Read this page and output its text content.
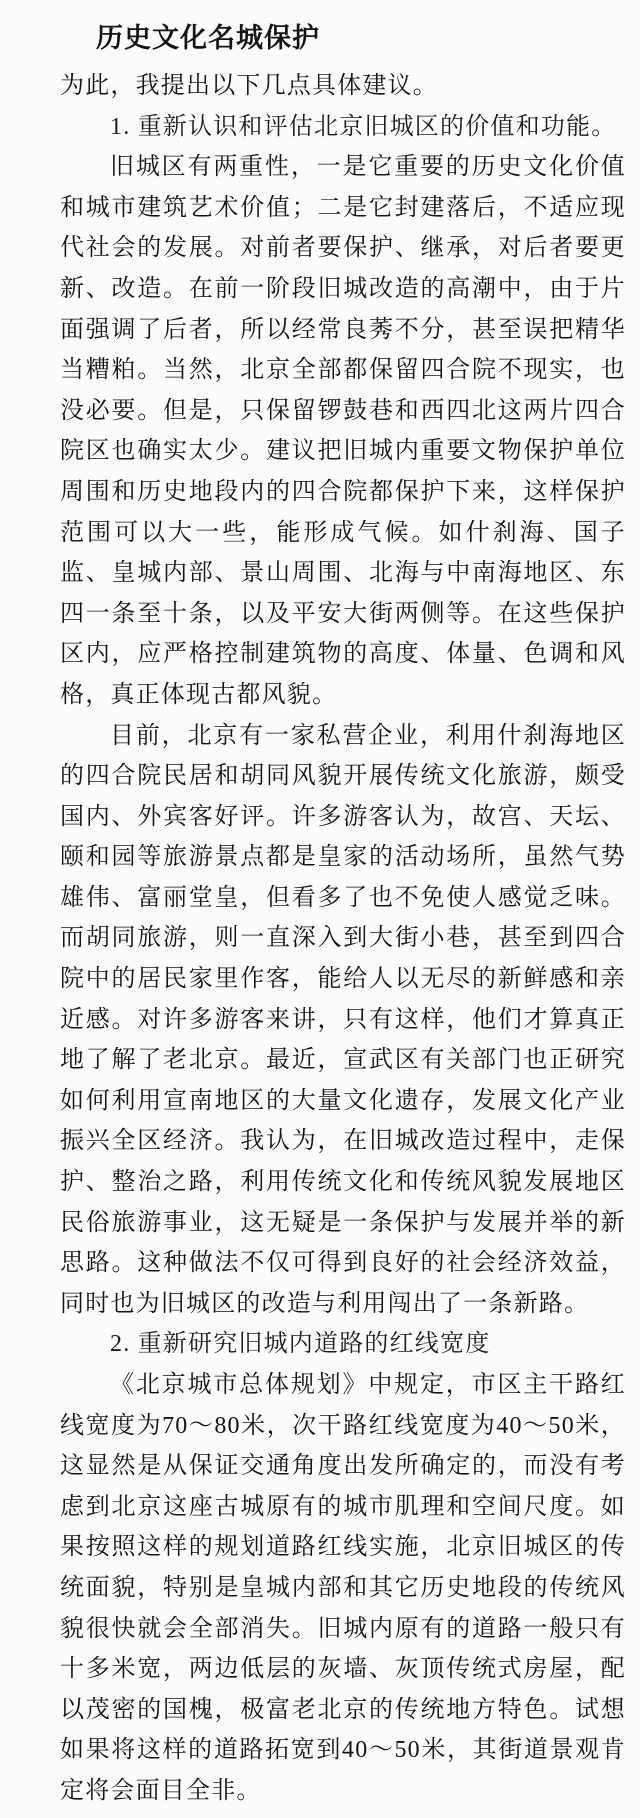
历史文化名城保护
为此，我提出以下几点具体建议。
1. 重新认识和评估北京旧城区的价值和功能。
旧城区有两重性，一是它重要的历史文化价值
和城市建筑艺术价值；二是它封建落后，不适应现
代社会的发展。对前者要保护、继承，对后者要更
新、改造。在前一阶段旧城改造的高潮中，由于片
面强调了后者，所以经常良莠不分，甚至误把精华
当糟粕。当然，北京全部都保留四合院不现实，也
没必要。但是，只保留锣鼓巷和西四北这两片四合
院区也确实太少。建议把旧城内重要文物保护单位
周围和历史地段内的四合院都保护下来，这样保护
范围可以大一些，能形成气候。如什刹海、国子
监、皇城内部、景山周围、北海与中南海地区、东
四一条至十条，以及平安大街两侧等。在这些保护
区内，应严格控制建筑物的高度、体量、色调和风
格，真正体现古都风貌。
目前，北京有一家私营企业，利用什刹海地区
的四合院民居和胡同风貌开展传统文化旅游，颇受
国内、外宾客好评。许多游客认为，故宫、天坛、
颐和园等旅游景点都是皇家的活动场所，虽然气势
雄伟、富丽堂皇，但看多了也不免使人感觉乏味。
而胡同旅游，则一直深入到大街小巷，甚至到四合
院中的居民家里作客，能给人以无尽的新鲜感和亲
近感。对许多游客来讲，只有这样，他们才算真正
地了解了老北京。最近，宣武区有关部门也正研究
如何利用宣南地区的大量文化遗存，发展文化产业
振兴全区经济。我认为，在旧城改造过程中，走保
护、整治之路，利用传统文化和传统风貌发展地区
民俗旅游事业，这无疑是一条保护与发展并举的新
思路。这种做法不仅可得到良好的社会经济效益，
同时也为旧城区的改造与利用闯出了一条新路。
2. 重新研究旧城内道路的红线宽度
《北京城市总体规划》中规定，市区主干路红
线宽度为70～80米，次干路红线宽度为40～50米，
这显然是从保证交通角度出发所确定的，而没有考
虑到北京这座古城原有的城市肌理和空间尺度。如
果按照这样的规划道路红线实施，北京旧城区的传
统面貌，特别是皇城内部和其它历史地段的传统风
貌很快就会全部消失。旧城内原有的道路一般只有
十多米宽，两边低层的灰墙、灰顶传统式房屋，配
以茂密的国槐，极富老北京的传统地方特色。试想
如果将这样的道路拓宽到40～50米，其街道景观肯
定将会面目全非。
